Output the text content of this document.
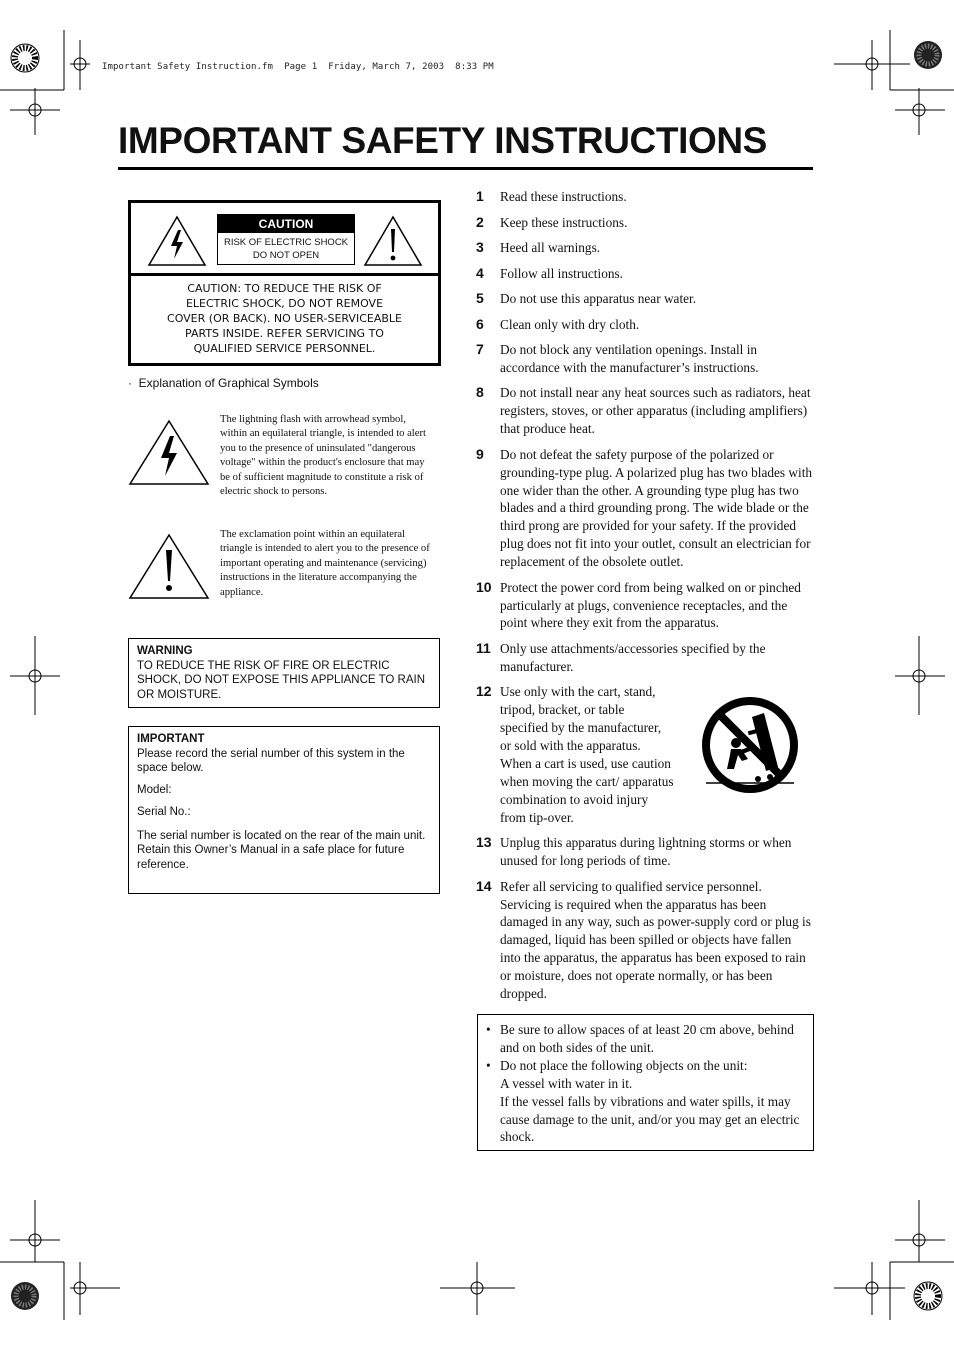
Important Safety Instruction.fm  Page 1  Friday, March 7, 2003  8:33 PM
IMPORTANT SAFETY INSTRUCTIONS
CAUTION
RISK OF ELECTRIC SHOCK
DO NOT OPEN
CAUTION: TO REDUCE THE RISK OF
ELECTRIC SHOCK, DO NOT REMOVE
COVER (OR BACK). NO USER-SERVICEABLE
PARTS INSIDE. REFER SERVICING TO
QUALIFIED SERVICE PERSONNEL.
·  Explanation of Graphical Symbols
The lightning flash with arrowhead symbol, within an equilateral triangle, is intended to alert you to the presence of uninsulated "dangerous voltage" within the product's enclosure that may be of sufficient magnitude to constitute a risk of electric shock to persons.
The exclamation point within an equilateral triangle is intended to alert you to the presence of important operating and maintenance (servicing) instructions in the literature accompanying the appliance.
WARNING

TO REDUCE THE RISK OF FIRE OR ELECTRIC SHOCK, DO NOT EXPOSE THIS APPLIANCE TO RAIN OR MOISTURE.

IMPORTANT

Please record the serial number of this system in the space below.

Model:

Serial No.:

The serial number is located on the rear of the main unit.

Retain this Owner’s Manual in a safe place for future reference.

1 Read these instructions.
2 Keep these instructions.
3 Heed all warnings.
4 Follow all instructions.
5 Do not use this apparatus near water.
6 Clean only with dry cloth.
7 Do not block any ventilation openings. Install in accordance with the manufacturer’s instructions.
8 Do not install near any heat sources such as radiators, heat registers, stoves, or other apparatus (including amplifiers) that produce heat.
9 Do not defeat the safety purpose of the polarized or grounding-type plug. A polarized plug has two blades with one wider than the other. A grounding type plug has two blades and a third grounding prong. The wide blade or the third prong are provided for your safety. If the provided plug does not fit into your outlet, consult an electrician for replacement of the obsolete outlet.
10 Protect the power cord from being walked on or pinched particularly at plugs, convenience receptacles, and the point where they exit from the apparatus.
11 Only use attachments/accessories specified by the manufacturer.
12 Use only with the cart, stand, tripod, bracket, or table specified by the manufacturer, or sold with the apparatus. When a cart is used, use caution when moving the cart/ apparatus combination to avoid injury from tip-over.
13 Unplug this apparatus during lightning storms or when unused for long periods of time.
14 Refer all servicing to qualified service personnel. Servicing is required when the apparatus has been damaged in any way, such as power-supply cord or plug is damaged, liquid has been spilled or objects have fallen into the apparatus, the apparatus has been exposed to rain or moisture, does not operate normally, or has been dropped.
• Be sure to allow spaces of at least 20 cm above, behind and on both sides of the unit.
• Do not place the following objects on the unit:
A vessel with water in it.
If the vessel falls by vibrations and water spills, it may cause damage to the unit, and/or you may get an electric shock.
